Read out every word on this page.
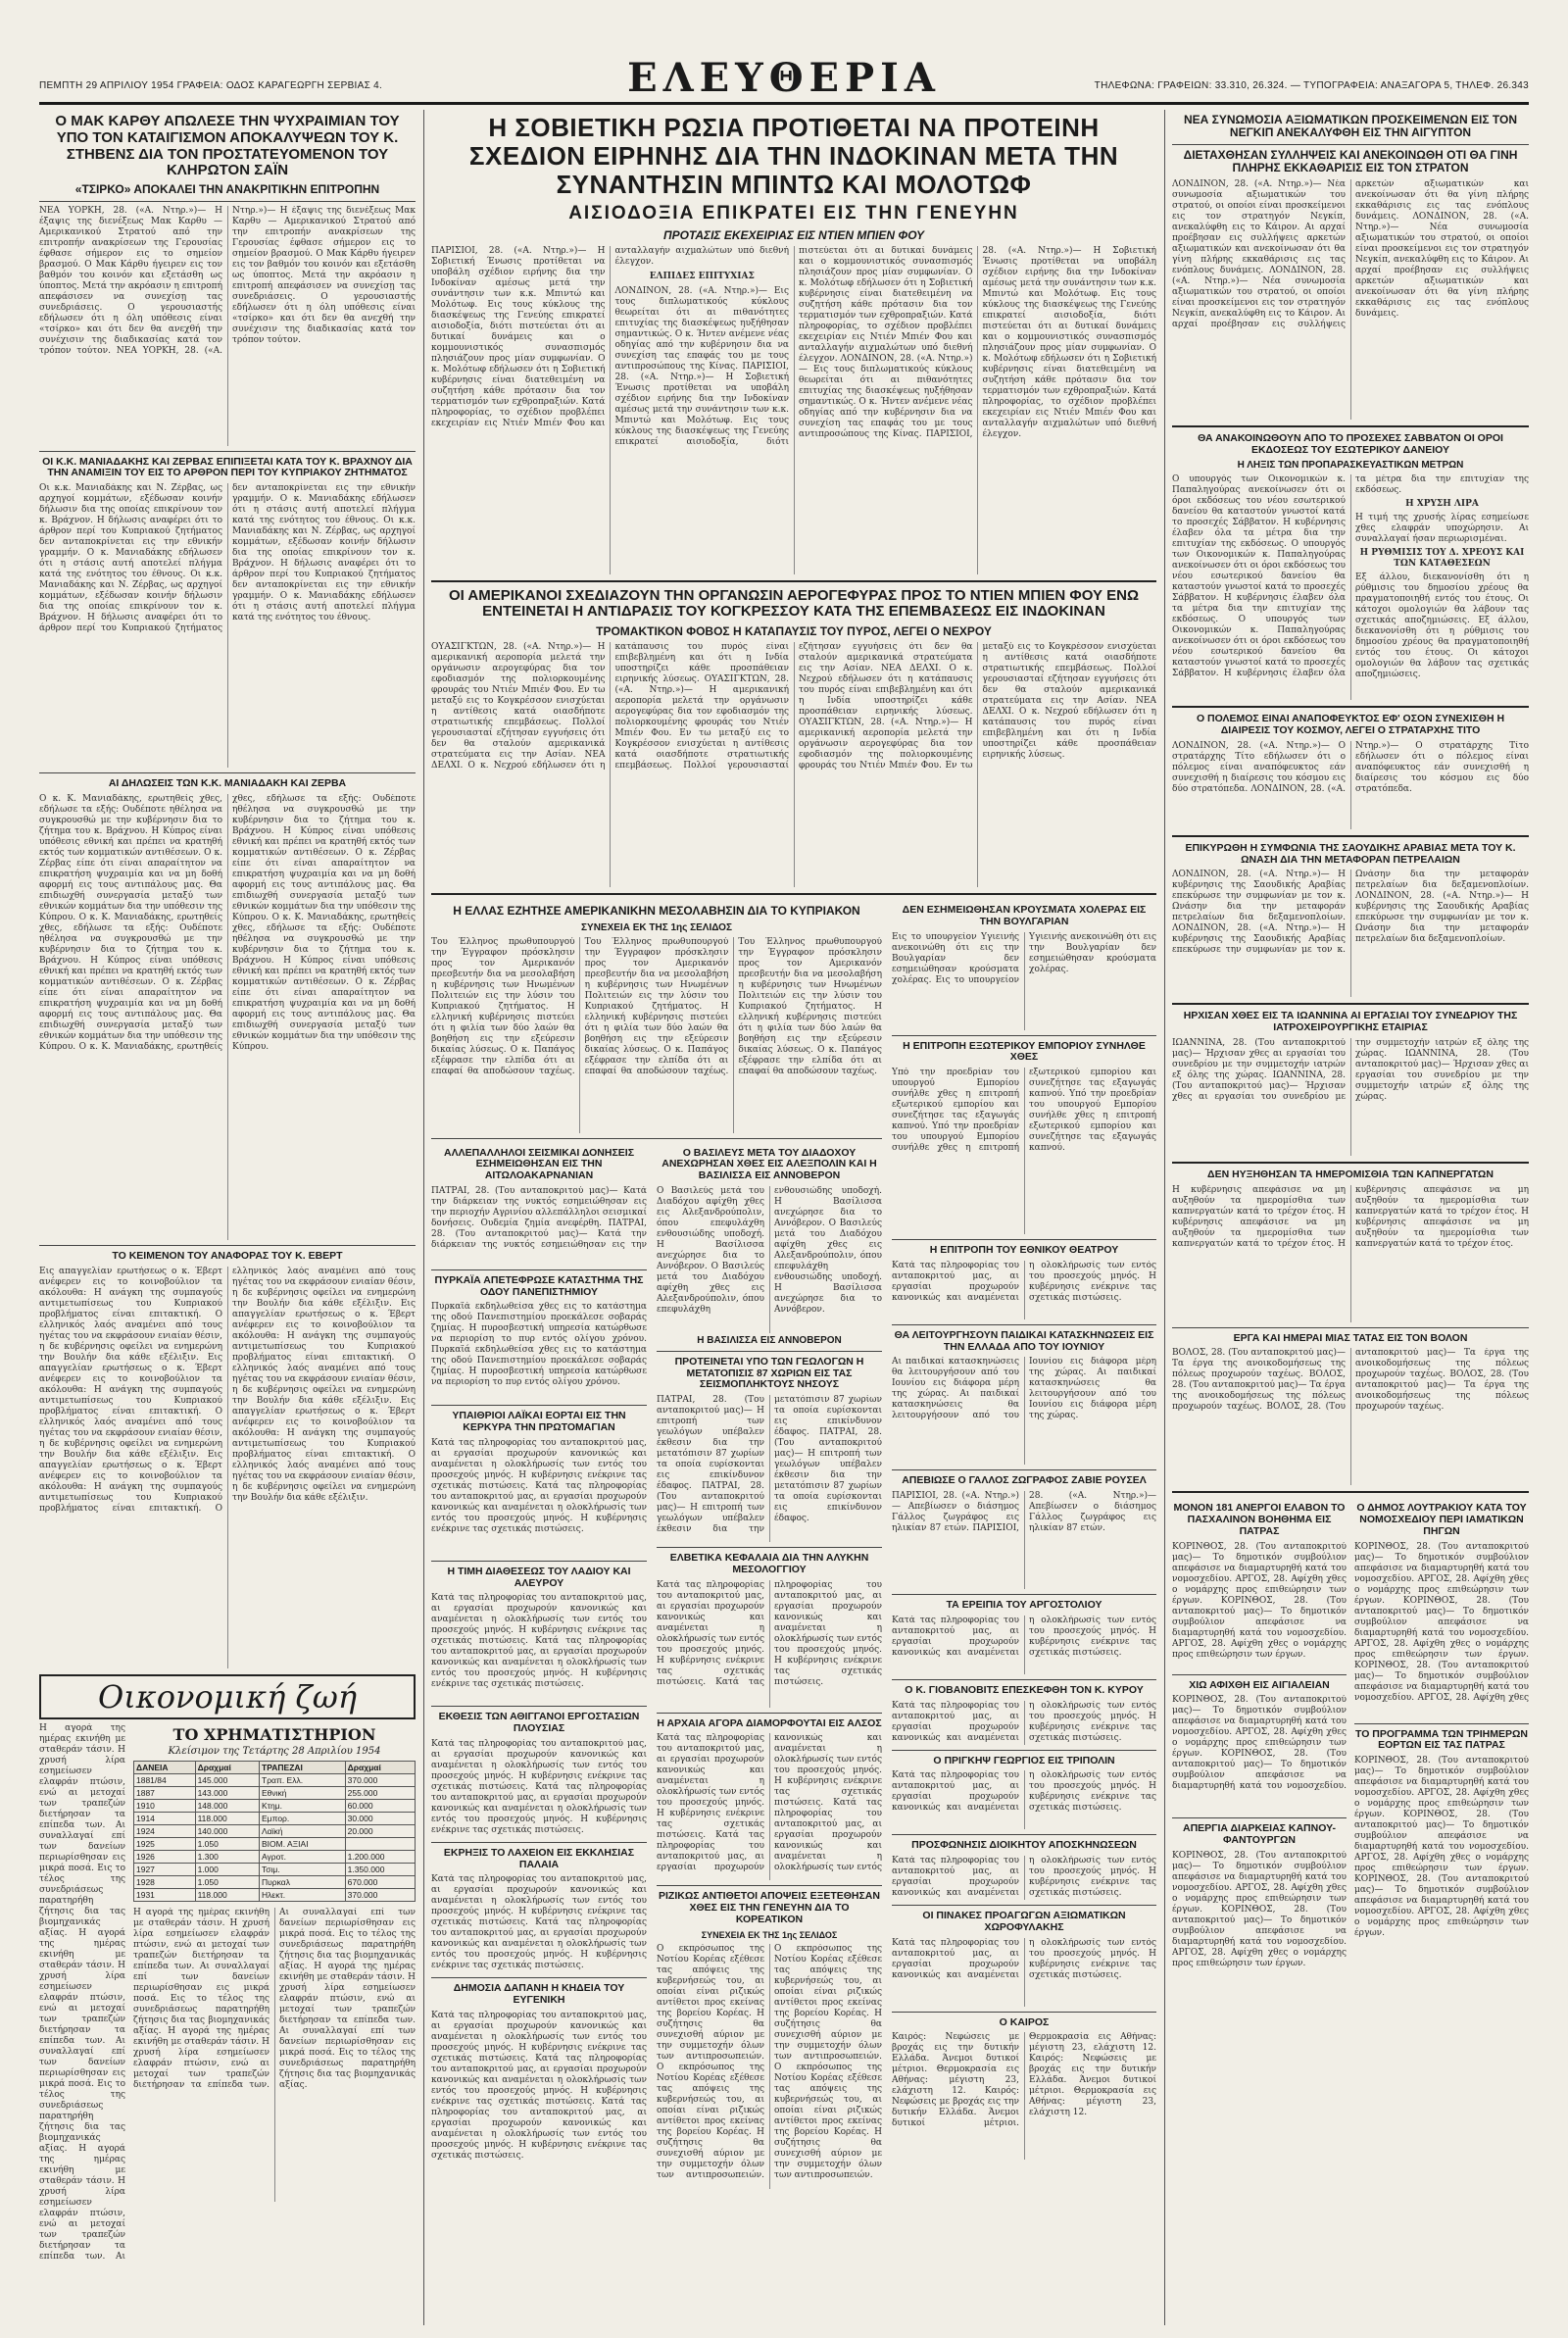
ΠΕΜΠΤΗ 29 ΑΠΡΙΛΙΟΥ 1954 ΓΡΑΦΕΙΑ: ΟΔΟΣ ΚΑΡΑΓΕΩΡΓΗ ΣΕΡΒΙΑΣ 4.	ΕΛΕΥΘΕΡΙΑ	ΤΗΛΕΦΩΝΑ: ΓΡΑΦΕΙΩΝ: 33.310, 26.324. — ΤΥΠΟΓΡΑΦΕΙΑ: ΑΝΑΞΑΓΟΡΑ 5, ΤΗΛΕΦ. 26.343
Ο ΜΑΚ ΚΑΡΘΥ ΑΠΩΛΕΣΕ ΤΗΝ ΨΥΧΡΑΙΜΙΑΝ ΤΟΥ ΥΠΟ ΤΟΝ ΚΑΤΑΙΓΙΣΜΟΝ ΑΠΟΚΑΛΥΨΕΩΝ ΤΟΥ Κ. ΣΤΗΒΕΝΣ ΔΙΑ ΤΟΝ ΠΡΟΣΤΑΤΕΥΟΜΕΝΟΝ ΤΟΥ ΚΛΗΡΩΤΟΝ ΣΑΪΝ
«ΤΣΙΡΚΟ» ΑΠΟΚΑΛΕΙ ΤΗΝ ΑΝΑΚΡΙΤΙΚΗΝ ΕΠΙΤΡΟΠΗΝ
ΝΕΑ ΥΟΡΚΗ, 28. («Α. Ντηρ.»)— Η έξαψις της διενέξεως Μακ Καρθυ — Αμερικανικού Στρατού από την επιτροπήν ανακρίσεων της Γερουσίας έφθασε σήμερον εις το σημείον βρασμού. Ο Μακ Κάρθυ ήγειρεν εις τον βαθμόν του κοινόν και εξετάσθη ως ύποπτος. Μετά την ακρόασιν η επιτροπή απεφάσισεν να συνεχίσῃ τας συνεδριάσεις. Ο γερουσιαστής εδήλωσεν ότι η όλη υπόθεσις είναι «τσίρκο» και ότι δεν θα ανεχθή την συνέχισιν της διαδικασίας κατά τον τρόπον τούτον. ΝΕΑ ΥΟΡΚΗ, 28. («Α. Ντηρ.»)— Η έξαψις της διενέξεως Μακ Καρθυ — Αμερικανικού Στρατού από την επιτροπήν ανακρίσεων της Γερουσίας έφθασε σήμερον εις το σημείον βρασμού. Ο Μακ Κάρθυ ήγειρεν εις τον βαθμόν του κοινόν και εξετάσθη ως ύποπτος. Μετά την ακρόασιν η επιτροπή απεφάσισεν να συνεχίσῃ τας συνεδριάσεις. Ο γερουσιαστής εδήλωσεν ότι η όλη υπόθεσις είναι «τσίρκο» και ότι δεν θα ανεχθή την συνέχισιν της διαδικασίας κατά τον τρόπον τούτον.
ΟΙ Κ.Κ. ΜΑΝΙΑΔΑΚΗΣ ΚΑΙ ΖΕΡΒΑΣ ΕΠΙΠΙΞΕΤΑΙ ΚΑΤΑ ΤΟΥ Κ. ΒΡΑΧΝΟΥ ΔΙΑ ΤΗΝ ΑΝΑΜΙΞΙΝ ΤΟΥ ΕΙΣ ΤΟ ΑΡΘΡΟΝ ΠΕΡΙ ΤΟΥ ΚΥΠΡΙΑΚΟΥ ΖΗΤΗΜΑΤΟΣ
Οι κ.κ. Μανιαδάκης και Ν. Ζέρβας, ως αρχηγοί κομμάτων, εξέδωσαν κοινήν δήλωσιν δια της οποίας επικρίνουν τον κ. Βράχνον. Η δήλωσις αναφέρει ότι το άρθρον περί του Κυπριακού ζητήματος δεν ανταποκρίνεται εις την εθνικήν γραμμήν. Ο κ. Μανιαδάκης εδήλωσεν ότι η στάσις αυτή αποτελεί πλήγμα κατά της ενότητος του έθνους. Οι κ.κ. Μανιαδάκης και Ν. Ζέρβας, ως αρχηγοί κομμάτων, εξέδωσαν κοινήν δήλωσιν δια της οποίας επικρίνουν τον κ. Βράχνον. Η δήλωσις αναφέρει ότι το άρθρον περί του Κυπριακού ζητήματος δεν ανταποκρίνεται εις την εθνικήν γραμμήν. Ο κ. Μανιαδάκης εδήλωσεν ότι η στάσις αυτή αποτελεί πλήγμα κατά της ενότητος του έθνους. Οι κ.κ. Μανιαδάκης και Ν. Ζέρβας, ως αρχηγοί κομμάτων, εξέδωσαν κοινήν δήλωσιν δια της οποίας επικρίνουν τον κ. Βράχνον. Η δήλωσις αναφέρει ότι το άρθρον περί του Κυπριακού ζητήματος δεν ανταποκρίνεται εις την εθνικήν γραμμήν. Ο κ. Μανιαδάκης εδήλωσεν ότι η στάσις αυτή αποτελεί πλήγμα κατά της ενότητος του έθνους.
ΑΙ ΔΗΛΩΣΕΙΣ ΤΩΝ Κ.Κ. ΜΑΝΙΑΔΑΚΗ ΚΑΙ ΖΕΡΒΑ
Ο κ. Κ. Μανιαδάκης, ερωτηθείς χθες, εδήλωσε τα εξής: Ουδέποτε ηθέλησα να συγκρουσθώ με την κυβέρνησιν δια το ζήτημα του κ. Βράχνου. Η Κύπρος είναι υπόθεσις εθνική και πρέπει να κρατηθή εκτός των κομματικών αντιθέσεων. Ο κ. Ζέρβας είπε ότι είναι απαραίτητον να επικρατήση ψυχραιμία και να μη δοθή αφορμή εις τους αντιπάλους μας. Θα επιδιωχθή συνεργασία μεταξύ των εθνικών κομμάτων δια την υπόθεσιν της Κύπρου. Ο κ. Κ. Μανιαδάκης, ερωτηθείς χθες, εδήλωσε τα εξής: Ουδέποτε ηθέλησα να συγκρουσθώ με την κυβέρνησιν δια το ζήτημα του κ. Βράχνου. Η Κύπρος είναι υπόθεσις εθνική και πρέπει να κρατηθή εκτός των κομματικών αντιθέσεων. Ο κ. Ζέρβας είπε ότι είναι απαραίτητον να επικρατήση ψυχραιμία και να μη δοθή αφορμή εις τους αντιπάλους μας. Θα επιδιωχθή συνεργασία μεταξύ των εθνικών κομμάτων δια την υπόθεσιν της Κύπρου. Ο κ. Κ. Μανιαδάκης, ερωτηθείς χθες, εδήλωσε τα εξής: Ουδέποτε ηθέλησα να συγκρουσθώ με την κυβέρνησιν δια το ζήτημα του κ. Βράχνου. Η Κύπρος είναι υπόθεσις εθνική και πρέπει να κρατηθή εκτός των κομματικών αντιθέσεων. Ο κ. Ζέρβας είπε ότι είναι απαραίτητον να επικρατήση ψυχραιμία και να μη δοθή αφορμή εις τους αντιπάλους μας. Θα επιδιωχθή συνεργασία μεταξύ των εθνικών κομμάτων δια την υπόθεσιν της Κύπρου. Ο κ. Κ. Μανιαδάκης, ερωτηθείς χθες, εδήλωσε τα εξής: Ουδέποτε ηθέλησα να συγκρουσθώ με την κυβέρνησιν δια το ζήτημα του κ. Βράχνου. Η Κύπρος είναι υπόθεσις εθνική και πρέπει να κρατηθή εκτός των κομματικών αντιθέσεων. Ο κ. Ζέρβας είπε ότι είναι απαραίτητον να επικρατήση ψυχραιμία και να μη δοθή αφορμή εις τους αντιπάλους μας. Θα επιδιωχθή συνεργασία μεταξύ των εθνικών κομμάτων δια την υπόθεσιν της Κύπρου.
ΤΟ ΚΕΙΜΕΝΟΝ ΤΟΥ ΑΝΑΦΟΡΑΣ ΤΟΥ Κ. ΕΒΕΡΤ
Εις απαγγελίαν ερωτήσεως ο κ. Έβερτ ανέφερεν εις το κοινοβούλιον τα ακόλουθα: Η ανάγκη της συμπαγούς αντιμετωπίσεως του Κυπριακού προβλήματος είναι επιτακτική. Ο ελληνικός λαός αναμένει από τους ηγέτας του να εκφράσουν ενιαίαν θέσιν, η δε κυβέρνησις οφείλει να ενημερώνη την Βουλήν δια κάθε εξέλιξιν. Εις απαγγελίαν ερωτήσεως ο κ. Έβερτ ανέφερεν εις το κοινοβούλιον τα ακόλουθα: Η ανάγκη της συμπαγούς αντιμετωπίσεως του Κυπριακού προβλήματος είναι επιτακτική. Ο ελληνικός λαός αναμένει από τους ηγέτας του να εκφράσουν ενιαίαν θέσιν, η δε κυβέρνησις οφείλει να ενημερώνη την Βουλήν δια κάθε εξέλιξιν. Εις απαγγελίαν ερωτήσεως ο κ. Έβερτ ανέφερεν εις το κοινοβούλιον τα ακόλουθα: Η ανάγκη της συμπαγούς αντιμετωπίσεως του Κυπριακού προβλήματος είναι επιτακτική. Ο ελληνικός λαός αναμένει από τους ηγέτας του να εκφράσουν ενιαίαν θέσιν, η δε κυβέρνησις οφείλει να ενημερώνη την Βουλήν δια κάθε εξέλιξιν. Εις απαγγελίαν ερωτήσεως ο κ. Έβερτ ανέφερεν εις το κοινοβούλιον τα ακόλουθα: Η ανάγκη της συμπαγούς αντιμετωπίσεως του Κυπριακού προβλήματος είναι επιτακτική. Ο ελληνικός λαός αναμένει από τους ηγέτας του να εκφράσουν ενιαίαν θέσιν, η δε κυβέρνησις οφείλει να ενημερώνη την Βουλήν δια κάθε εξέλιξιν. Εις απαγγελίαν ερωτήσεως ο κ. Έβερτ ανέφερεν εις το κοινοβούλιον τα ακόλουθα: Η ανάγκη της συμπαγούς αντιμετωπίσεως του Κυπριακού προβλήματος είναι επιτακτική. Ο ελληνικός λαός αναμένει από τους ηγέτας του να εκφράσουν ενιαίαν θέσιν, η δε κυβέρνησις οφείλει να ενημερώνη την Βουλήν δια κάθε εξέλιξιν.
Οικονομική ζωή
Η αγορά της ημέρας εκινήθη με σταθεράν τάσιν. Η χρυσή λίρα εσημείωσεν ελαφράν πτώσιν, ενώ αι μετοχαί των τραπεζών διετήρησαν τα επίπεδα των. Αι συναλλαγαί επί των δανείων περιωρίσθησαν εις μικρά ποσά. Εις το τέλος της συνεδριάσεως παρατηρήθη ζήτησις δια τας βιομηχανικάς αξίας. Η αγορά της ημέρας εκινήθη με σταθεράν τάσιν. Η χρυσή λίρα εσημείωσεν ελαφράν πτώσιν, ενώ αι μετοχαί των τραπεζών διετήρησαν τα επίπεδα των. Αι συναλλαγαί επί των δανείων περιωρίσθησαν εις μικρά ποσά. Εις το τέλος της συνεδριάσεως παρατηρήθη ζήτησις δια τας βιομηχανικάς αξίας. Η αγορά της ημέρας εκινήθη με σταθεράν τάσιν. Η χρυσή λίρα εσημείωσεν ελαφράν πτώσιν, ενώ αι μετοχαί των τραπεζών διετήρησαν τα επίπεδα των. Αι
ΤΟ ΧΡΗΜΑΤΙΣΤΗΡΙΟΝ
Κλείσιμον της Τετάρτης 28 Απριλίου 1954
ΔΑΝΕΙΑ	Δραχμαί	ΤΡΑΠΕΖΑΙ	Δραχμαί
1881/84	145.000	Τραπ. Ελλ.	370.000
1887	143.000	Εθνική	255.000
1910	148.000	Κτημ.	60.000
1914	118.000	Εμπορ.	30.000
1924	140.000	Λαϊκή	20.000
1925	1.050	ΒΙΟΜ. ΑΞΙΑΙ	
1926	1.300	Αγροτ.	1.200.000
1927	1.000	Τσιμ.	1.350.000
1928	1.050	Πυρκαλ	670.000
1931	118.000	Ηλεκτ.	370.000
Η αγορά της ημέρας εκινήθη με σταθεράν τάσιν. Η χρυσή λίρα εσημείωσεν ελαφράν πτώσιν, ενώ αι μετοχαί των τραπεζών διετήρησαν τα επίπεδα των. Αι συναλλαγαί επί των δανείων περιωρίσθησαν εις μικρά ποσά. Εις το τέλος της συνεδριάσεως παρατηρήθη ζήτησις δια τας βιομηχανικάς αξίας. Η αγορά της ημέρας εκινήθη με σταθεράν τάσιν. Η χρυσή λίρα εσημείωσεν ελαφράν πτώσιν, ενώ αι μετοχαί των τραπεζών διετήρησαν τα επίπεδα των. Αι συναλλαγαί επί των δανείων περιωρίσθησαν εις μικρά ποσά. Εις το τέλος της συνεδριάσεως παρατηρήθη ζήτησις δια τας βιομηχανικάς αξίας. Η αγορά της ημέρας εκινήθη με σταθεράν τάσιν. Η χρυσή λίρα εσημείωσεν ελαφράν πτώσιν, ενώ αι μετοχαί των τραπεζών διετήρησαν τα επίπεδα των. Αι συναλλαγαί επί των δανείων περιωρίσθησαν εις μικρά ποσά. Εις το τέλος της συνεδριάσεως παρατηρήθη ζήτησις δια τας βιομηχανικάς αξίας.
Η ΣΟΒΙΕΤΙΚΗ ΡΩΣΙΑ ΠΡΟΤΙΘΕΤΑΙ ΝΑ ΠΡΟΤΕΙΝΗ ΣΧΕΔΙΟΝ ΕΙΡΗΝΗΣ ΔΙΑ ΤΗΝ ΙΝΔΟΚΙΝΑΝ ΜΕΤΑ ΤΗΝ ΣΥΝΑΝΤΗΣΙΝ ΜΠΙΝΤΩ ΚΑΙ ΜΟΛΟΤΩΦ
ΑΙΣΙΟΔΟΞΙΑ ΕΠΙΚΡΑΤΕΙ ΕΙΣ ΤΗΝ ΓΕΝΕΥΗΝ
ΠΡΟΤΑΣΙΣ ΕΚΕΧΕΙΡΙΑΣ ΕΙΣ ΝΤΙΕΝ ΜΠΙΕΝ ΦΟΥ
ΠΑΡΙΣΙΟΙ, 28. («Α. Ντηρ.»)— Η Σοβιετική Ένωσις προτίθεται να υποβάλη σχέδιον ειρήνης δια την Ινδοκίναν αμέσως μετά την συνάντησιν των κ.κ. Μπιντώ και Μολότωφ. Εις τους κύκλους της διασκέψεως της Γενεύης επικρατεί αισιοδοξία, διότι πιστεύεται ότι αι δυτικαί δυνάμεις και ο κομμουνιστικός συνασπισμός πλησιάζουν προς μίαν συμφωνίαν. Ο κ. Μολότωφ εδήλωσεν ότι η Σοβιετική κυβέρνησις είναι διατεθειμένη να συζητήση κάθε πρότασιν δια τον τερματισμόν των εχθροπραξιών. Κατά πληροφορίας, το σχέδιον προβλέπει εκεχειρίαν εις Ντιέν Μπιέν Φου και ανταλλαγήν αιχμαλώτων υπό διεθνή έλεγχον.
ΕΛΠΙΔΕΣ ΕΠΙΤΥΧΙΑΣ
ΛΟΝΔΙΝΟΝ, 28. («Α. Ντηρ.»)— Εις τους διπλωματικούς κύκλους θεωρείται ότι αι πιθανότητες επιτυχίας της διασκέψεως ηυξήθησαν σημαντικώς. Ο κ. Ήντεν ανέμενε νέας οδηγίας από την κυβέρνησιν δια να συνεχίση τας επαφάς του με τους αντιπροσώπους της Κίνας. ΠΑΡΙΣΙΟΙ, 28. («Α. Ντηρ.»)— Η Σοβιετική Ένωσις προτίθεται να υποβάλη σχέδιον ειρήνης δια την Ινδοκίναν αμέσως μετά την συνάντησιν των κ.κ. Μπιντώ και Μολότωφ. Εις τους κύκλους της διασκέψεως της Γενεύης επικρατεί αισιοδοξία, διότι πιστεύεται ότι αι δυτικαί δυνάμεις και ο κομμουνιστικός συνασπισμός πλησιάζουν προς μίαν συμφωνίαν. Ο κ. Μολότωφ εδήλωσεν ότι η Σοβιετική κυβέρνησις είναι διατεθειμένη να συζητήση κάθε πρότασιν δια τον τερματισμόν των εχθροπραξιών. Κατά πληροφορίας, το σχέδιον προβλέπει εκεχειρίαν εις Ντιέν Μπιέν Φου και ανταλλαγήν αιχμαλώτων υπό διεθνή έλεγχον. ΛΟΝΔΙΝΟΝ, 28. («Α. Ντηρ.»)— Εις τους διπλωματικούς κύκλους θεωρείται ότι αι πιθανότητες επιτυχίας της διασκέψεως ηυξήθησαν σημαντικώς. Ο κ. Ήντεν ανέμενε νέας οδηγίας από την κυβέρνησιν δια να συνεχίση τας επαφάς του με τους αντιπροσώπους της Κίνας. ΠΑΡΙΣΙΟΙ, 28. («Α. Ντηρ.»)— Η Σοβιετική Ένωσις προτίθεται να υποβάλη σχέδιον ειρήνης δια την Ινδοκίναν αμέσως μετά την συνάντησιν των κ.κ. Μπιντώ και Μολότωφ. Εις τους κύκλους της διασκέψεως της Γενεύης επικρατεί αισιοδοξία, διότι πιστεύεται ότι αι δυτικαί δυνάμεις και ο κομμουνιστικός συνασπισμός πλησιάζουν προς μίαν συμφωνίαν. Ο κ. Μολότωφ εδήλωσεν ότι η Σοβιετική κυβέρνησις είναι διατεθειμένη να συζητήση κάθε πρότασιν δια τον τερματισμόν των εχθροπραξιών. Κατά πληροφορίας, το σχέδιον προβλέπει εκεχειρίαν εις Ντιέν Μπιέν Φου και ανταλλαγήν αιχμαλώτων υπό διεθνή έλεγχον.
ΟΙ ΑΜΕΡΙΚΑΝΟΙ ΣΧΕΔΙΑΖΟΥΝ ΤΗΝ ΟΡΓΑΝΩΣΙΝ ΑΕΡΟΓΕΦΥΡΑΣ ΠΡΟΣ ΤΟ ΝΤΙΕΝ ΜΠΙΕΝ ΦΟΥ ΕΝΩ ΕΝΤΕΙΝΕΤΑΙ Η ΑΝΤΙΔΡΑΣΙΣ ΤΟΥ ΚΟΓΚΡΕΣΣΟΥ ΚΑΤΑ ΤΗΣ ΕΠΕΜΒΑΣΕΩΣ ΕΙΣ ΙΝΔΟΚΙΝΑΝ
ΤΡΟΜΑΚΤΙΚΟΝ ΦΟΒΟΣ Η ΚΑΤΑΠΑΥΣΙΣ ΤΟΥ ΠΥΡΟΣ, ΛΕΓΕΙ Ο ΝΕΧΡΟΥ
ΟΥΑΣΙΓΚΤΩΝ, 28. («Α. Ντηρ.»)— Η αμερικανική αεροπορία μελετά την οργάνωσιν αερογεφύρας δια τον εφοδιασμόν της πολιορκουμένης φρουράς του Ντιέν Μπιέν Φου. Εν τω μεταξύ εις το Κογκρέσσον ενισχύεται η αντίθεσις κατά οιασδήποτε στρατιωτικής επεμβάσεως. Πολλοί γερουσιασταί εζήτησαν εγγυήσεις ότι δεν θα σταλούν αμερικανικά στρατεύματα εις την Ασίαν. ΝΕΑ ΔΕΛΧΙ. Ο κ. Νεχρού εδήλωσεν ότι η κατάπαυσις του πυρός είναι επιβεβλημένη και ότι η Ινδία υποστηρίζει κάθε προσπάθειαν ειρηνικής λύσεως. ΟΥΑΣΙΓΚΤΩΝ, 28. («Α. Ντηρ.»)— Η αμερικανική αεροπορία μελετά την οργάνωσιν αερογεφύρας δια τον εφοδιασμόν της πολιορκουμένης φρουράς του Ντιέν Μπιέν Φου. Εν τω μεταξύ εις το Κογκρέσσον ενισχύεται η αντίθεσις κατά οιασδήποτε στρατιωτικής επεμβάσεως. Πολλοί γερουσιασταί εζήτησαν εγγυήσεις ότι δεν θα σταλούν αμερικανικά στρατεύματα εις την Ασίαν. ΝΕΑ ΔΕΛΧΙ. Ο κ. Νεχρού εδήλωσεν ότι η κατάπαυσις του πυρός είναι επιβεβλημένη και ότι η Ινδία υποστηρίζει κάθε προσπάθειαν ειρηνικής λύσεως. ΟΥΑΣΙΓΚΤΩΝ, 28. («Α. Ντηρ.»)— Η αμερικανική αεροπορία μελετά την οργάνωσιν αερογεφύρας δια τον εφοδιασμόν της πολιορκουμένης φρουράς του Ντιέν Μπιέν Φου. Εν τω μεταξύ εις το Κογκρέσσον ενισχύεται η αντίθεσις κατά οιασδήποτε στρατιωτικής επεμβάσεως. Πολλοί γερουσιασταί εζήτησαν εγγυήσεις ότι δεν θα σταλούν αμερικανικά στρατεύματα εις την Ασίαν. ΝΕΑ ΔΕΛΧΙ. Ο κ. Νεχρού εδήλωσεν ότι η κατάπαυσις του πυρός είναι επιβεβλημένη και ότι η Ινδία υποστηρίζει κάθε προσπάθειαν ειρηνικής λύσεως.
Η ΕΛΛΑΣ ΕΖΗΤΗΣΕ ΑΜΕΡΙΚΑΝΙΚΗΝ ΜΕΣΟΛΑΒΗΣΙΝ ΔΙΑ ΤΟ ΚΥΠΡΙΑΚΟΝ
ΣΥΝΕΧΕΙΑ ΕΚ ΤΗΣ 1ης ΣΕΛΙΔΟΣ
Του Έλληνος πρωθυπουργού την Έγγραφον πρόσκλησιν προς τον Αμερικανόν πρεσβευτήν δια να μεσολαβήση η κυβέρνησις των Ηνωμένων Πολιτειών εις την λύσιν του Κυπριακού ζητήματος. Η ελληνική κυβέρνησις πιστεύει ότι η φιλία των δύο λαών θα βοηθήση εις την εξεύρεσιν δικαίας λύσεως. Ο κ. Παπάγος εξέφρασε την ελπίδα ότι αι επαφαί θα αποδώσουν ταχέως. Του Έλληνος πρωθυπουργού την Έγγραφον πρόσκλησιν προς τον Αμερικανόν πρεσβευτήν δια να μεσολαβήση η κυβέρνησις των Ηνωμένων Πολιτειών εις την λύσιν του Κυπριακού ζητήματος. Η ελληνική κυβέρνησις πιστεύει ότι η φιλία των δύο λαών θα βοηθήση εις την εξεύρεσιν δικαίας λύσεως. Ο κ. Παπάγος εξέφρασε την ελπίδα ότι αι επαφαί θα αποδώσουν ταχέως. Του Έλληνος πρωθυπουργού την Έγγραφον πρόσκλησιν προς τον Αμερικανόν πρεσβευτήν δια να μεσολαβήση η κυβέρνησις των Ηνωμένων Πολιτειών εις την λύσιν του Κυπριακού ζητήματος. Η ελληνική κυβέρνησις πιστεύει ότι η φιλία των δύο λαών θα βοηθήση εις την εξεύρεσιν δικαίας λύσεως. Ο κ. Παπάγος εξέφρασε την ελπίδα ότι αι επαφαί θα αποδώσουν ταχέως.
ΑΛΛΕΠΑΛΛΗΛΟΙ ΣΕΙΣΜΙΚΑΙ ΔΟΝΗΣΕΙΣ ΕΣΗΜΕΙΩΘΗΣΑΝ ΕΙΣ ΤΗΝ ΑΙΤΩΛΟΑΚΑΡΝΑΝΙΑΝ
ΠΑΤΡΑΙ, 28. (Του ανταποκριτού μας)— Κατά την διάρκειαν της νυκτός εσημειώθησαν εις την περιοχήν Αγρινίου αλλεπάλληλοι σεισμικαί δονήσεις. Ουδεμία ζημία ανεφέρθη. ΠΑΤΡΑΙ, 28. (Του ανταποκριτού μας)— Κατά την διάρκειαν της νυκτός εσημειώθησαν εις την
ΠΥΡΚΑΪΑ ΑΠΕΤΕΦΡΩΣΕ ΚΑΤΑΣΤΗΜΑ ΤΗΣ ΟΔΟΥ ΠΑΝΕΠΙΣΤΗΜΙΟΥ
Πυρκαϊά εκδηλωθείσα χθες εις το κατάστημα της οδού Πανεπιστημίου προεκάλεσε σοβαράς ζημίας. Η πυροσβεστική υπηρεσία κατώρθωσε να περιορίση το πυρ εντός ολίγου χρόνου. Πυρκαϊά εκδηλωθείσα χθες εις το κατάστημα της οδού Πανεπιστημίου προεκάλεσε σοβαράς ζημίας. Η πυροσβεστική υπηρεσία κατώρθωσε να περιορίση το πυρ εντός ολίγου χρόνου.
ΥΠΑΙΘΡΙΟΙ ΛΑΪΚΑΙ ΕΟΡΤΑΙ ΕΙΣ ΤΗΝ ΚΕΡΚΥΡΑ ΤΗΝ ΠΡΩΤΟΜΑΓΙΑΝ
Κατά τας πληροφορίας του ανταποκριτού μας, αι εργασίαι προχωρούν κανονικώς και αναμένεται η ολοκλήρωσίς των εντός του προσεχούς μηνός. Η κυβέρνησις ενέκρινε τας σχετικάς πιστώσεις. Κατά τας πληροφορίας του ανταποκριτού μας, αι εργασίαι προχωρούν κανονικώς και αναμένεται η ολοκλήρωσίς των εντός του προσεχούς μηνός. Η κυβέρνησις ενέκρινε τας σχετικάς πιστώσεις.
Η ΤΙΜΗ ΔΙΑΘΕΣΕΩΣ ΤΟΥ ΛΑΔΙΟΥ ΚΑΙ ΑΛΕΥΡΟΥ
Κατά τας πληροφορίας του ανταποκριτού μας, αι εργασίαι προχωρούν κανονικώς και αναμένεται η ολοκλήρωσίς των εντός του προσεχούς μηνός. Η κυβέρνησις ενέκρινε τας σχετικάς πιστώσεις. Κατά τας πληροφορίας του ανταποκριτού μας, αι εργασίαι προχωρούν κανονικώς και αναμένεται η ολοκλήρωσίς των εντός του προσεχούς μηνός. Η κυβέρνησις ενέκρινε τας σχετικάς πιστώσεις.
ΕΚΘΕΣΙΣ ΤΩΝ ΑΘΙΓΓΑΝΟΙ ΕΡΓΟΣΤΑΣΙΩΝ ΠΛΟΥΣΙΑΣ
Κατά τας πληροφορίας του ανταποκριτού μας, αι εργασίαι προχωρούν κανονικώς και αναμένεται η ολοκλήρωσίς των εντός του προσεχούς μηνός. Η κυβέρνησις ενέκρινε τας σχετικάς πιστώσεις. Κατά τας πληροφορίας του ανταποκριτού μας, αι εργασίαι προχωρούν κανονικώς και αναμένεται η ολοκλήρωσίς των εντός του προσεχούς μηνός. Η κυβέρνησις ενέκρινε τας σχετικάς πιστώσεις.
ΕΚΡΗΞΙΣ ΤΟ ΛΑΧΕΙΟΝ ΕΙΣ ΕΚΚΛΗΣΙΑΣ ΠΑΛΑΙΑ
Κατά τας πληροφορίας του ανταποκριτού μας, αι εργασίαι προχωρούν κανονικώς και αναμένεται η ολοκλήρωσίς των εντός του προσεχούς μηνός. Η κυβέρνησις ενέκρινε τας σχετικάς πιστώσεις. Κατά τας πληροφορίας του ανταποκριτού μας, αι εργασίαι προχωρούν κανονικώς και αναμένεται η ολοκλήρωσίς των εντός του προσεχούς μηνός. Η κυβέρνησις ενέκρινε τας σχετικάς πιστώσεις.
ΔΗΜΟΣΙΑ ΔΑΠΑΝΗ Η ΚΗΔΕΙΑ ΤΟΥ ΕΥΓΕΝΙΚΗ
Κατά τας πληροφορίας του ανταποκριτού μας, αι εργασίαι προχωρούν κανονικώς και αναμένεται η ολοκλήρωσίς των εντός του προσεχούς μηνός. Η κυβέρνησις ενέκρινε τας σχετικάς πιστώσεις. Κατά τας πληροφορίας του ανταποκριτού μας, αι εργασίαι προχωρούν κανονικώς και αναμένεται η ολοκλήρωσίς των εντός του προσεχούς μηνός. Η κυβέρνησις ενέκρινε τας σχετικάς πιστώσεις. Κατά τας πληροφορίας του ανταποκριτού μας, αι εργασίαι προχωρούν κανονικώς και αναμένεται η ολοκλήρωσίς των εντός του προσεχούς μηνός. Η κυβέρνησις ενέκρινε τας σχετικάς πιστώσεις.
Ο ΒΑΣΙΛΕΥΣ ΜΕΤΑ ΤΟΥ ΔΙΑΔΟΧΟΥ ΑΝΕΧΩΡΗΣΑΝ ΧΘΕΣ ΕΙΣ ΑΛΕΞΠΟΛΙΝ ΚΑΙ Η ΒΑΣΙΛΙΣΣΑ ΕΙΣ ΑΝΝΟΒΕΡΟΝ
Ο Βασιλεύς μετά του Διαδόχου αφίχθη χθες εις Αλεξανδρούπολιν, όπου επεφυλάχθη ενθουσιώδης υποδοχή. Η Βασίλισσα ανεχώρησε δια το Αννόβερον. Ο Βασιλεύς μετά του Διαδόχου αφίχθη χθες εις Αλεξανδρούπολιν, όπου επεφυλάχθη ενθουσιώδης υποδοχή. Η Βασίλισσα ανεχώρησε δια το Αννόβερον. Ο Βασιλεύς μετά του Διαδόχου αφίχθη χθες εις Αλεξανδρούπολιν, όπου επεφυλάχθη ενθουσιώδης υποδοχή. Η Βασίλισσα ανεχώρησε δια το Αννόβερον.
Η ΒΑΣΙΛΙΣΣΑ ΕΙΣ ΑΝΝΟΒΕΡΟΝ
ΠΡΟΤΕΙΝΕΤΑΙ ΥΠΟ ΤΩΝ ΓΕΩΛΟΓΩΝ Η ΜΕΤΑΤΟΠΙΣΙΣ 87 ΧΩΡΙΩΝ ΕΙΣ ΤΑΣ ΣΕΙΣΜΟΠΛΗΚΤΟΥΣ ΝΗΣΟΥΣ
ΠΑΤΡΑΙ, 28. (Του ανταποκριτού μας)— Η επιτροπή των γεωλόγων υπέβαλεν έκθεσιν δια την μετατόπισιν 87 χωρίων τα οποία ευρίσκονται εις επικίνδυνον έδαφος. ΠΑΤΡΑΙ, 28. (Του ανταποκριτού μας)— Η επιτροπή των γεωλόγων υπέβαλεν έκθεσιν δια την μετατόπισιν 87 χωρίων τα οποία ευρίσκονται εις επικίνδυνον έδαφος. ΠΑΤΡΑΙ, 28. (Του ανταποκριτού μας)— Η επιτροπή των γεωλόγων υπέβαλεν έκθεσιν δια την μετατόπισιν 87 χωρίων τα οποία ευρίσκονται εις επικίνδυνον έδαφος.
ΕΛΒΕΤΙΚΑ ΚΕΦΑΛΑΙΑ ΔΙΑ ΤΗΝ ΑΛΥΚΗΝ ΜΕΣΟΛΟΓΓΙΟΥ
Κατά τας πληροφορίας του ανταποκριτού μας, αι εργασίαι προχωρούν κανονικώς και αναμένεται η ολοκλήρωσίς των εντός του προσεχούς μηνός. Η κυβέρνησις ενέκρινε τας σχετικάς πιστώσεις. Κατά τας πληροφορίας του ανταποκριτού μας, αι εργασίαι προχωρούν κανονικώς και αναμένεται η ολοκλήρωσίς των εντός του προσεχούς μηνός. Η κυβέρνησις ενέκρινε τας σχετικάς πιστώσεις.
Η ΑΡΧΑΙΑ ΑΓΟΡΑ ΔΙΑΜΟΡΦΟΥΤΑΙ ΕΙΣ ΑΛΣΟΣ
Κατά τας πληροφορίας του ανταποκριτού μας, αι εργασίαι προχωρούν κανονικώς και αναμένεται η ολοκλήρωσίς των εντός του προσεχούς μηνός. Η κυβέρνησις ενέκρινε τας σχετικάς πιστώσεις. Κατά τας πληροφορίας του ανταποκριτού μας, αι εργασίαι προχωρούν κανονικώς και αναμένεται η ολοκλήρωσίς των εντός του προσεχούς μηνός. Η κυβέρνησις ενέκρινε τας σχετικάς πιστώσεις. Κατά τας πληροφορίας του ανταποκριτού μας, αι εργασίαι προχωρούν κανονικώς και αναμένεται η ολοκλήρωσίς των εντός
ΡΙΖΙΚΩΣ ΑΝΤΙΘΕΤΟΙ ΑΠΟΨΕΙΣ ΕΞΕΤΕΘΗΣΑΝ ΧΘΕΣ ΕΙΣ ΤΗΝ ΓΕΝΕΥΗΝ ΔΙΑ ΤΟ ΚΟΡΕΑΤΙΚΟΝ
ΣΥΝΕΧΕΙΑ ΕΚ ΤΗΣ 1ης ΣΕΛΙΔΟΣ
Ο εκπρόσωπος της Νοτίου Κορέας εξέθεσε τας απόψεις της κυβερνήσεώς του, αι οποίαι είναι ριζικώς αντίθετοι προς εκείνας της βορείου Κορέας. Η συζήτησις θα συνεχισθή αύριον με την συμμετοχήν όλων των αντιπροσωπειών. Ο εκπρόσωπος της Νοτίου Κορέας εξέθεσε τας απόψεις της κυβερνήσεώς του, αι οποίαι είναι ριζικώς αντίθετοι προς εκείνας της βορείου Κορέας. Η συζήτησις θα συνεχισθή αύριον με την συμμετοχήν όλων των αντιπροσωπειών. Ο εκπρόσωπος της Νοτίου Κορέας εξέθεσε τας απόψεις της κυβερνήσεώς του, αι οποίαι είναι ριζικώς αντίθετοι προς εκείνας της βορείου Κορέας. Η συζήτησις θα συνεχισθή αύριον με την συμμετοχήν όλων των αντιπροσωπειών. Ο εκπρόσωπος της Νοτίου Κορέας εξέθεσε τας απόψεις της κυβερνήσεώς του, αι οποίαι είναι ριζικώς αντίθετοι προς εκείνας της βορείου Κορέας. Η συζήτησις θα συνεχισθή αύριον με την συμμετοχήν όλων των αντιπροσωπειών.
ΔΕΝ ΕΣΗΜΕΙΩΘΗΣΑΝ ΚΡΟΥΣΜΑΤΑ ΧΟΛΕΡΑΣ ΕΙΣ ΤΗΝ ΒΟΥΛΓΑΡΙΑΝ
Εις το υπουργείον Υγιεινής ανεκοινώθη ότι εις την Βουλγαρίαν δεν εσημειώθησαν κρούσματα χολέρας. Εις το υπουργείον Υγιεινής ανεκοινώθη ότι εις την Βουλγαρίαν δεν εσημειώθησαν κρούσματα χολέρας.
Η ΕΠΙΤΡΟΠΗ ΕΞΩΤΕΡΙΚΟΥ ΕΜΠΟΡΙΟΥ ΣΥΝΗΛΘΕ ΧΘΕΣ
Υπό την προεδρίαν του υπουργού Εμπορίου συνήλθε χθες η επιτροπή εξωτερικού εμπορίου και συνεζήτησε τας εξαγωγάς καπνού. Υπό την προεδρίαν του υπουργού Εμπορίου συνήλθε χθες η επιτροπή εξωτερικού εμπορίου και συνεζήτησε τας εξαγωγάς καπνού. Υπό την προεδρίαν του υπουργού Εμπορίου συνήλθε χθες η επιτροπή εξωτερικού εμπορίου και συνεζήτησε τας εξαγωγάς καπνού.
Η ΕΠΙΤΡΟΠΗ ΤΟΥ ΕΘΝΙΚΟΥ ΘΕΑΤΡΟΥ
Κατά τας πληροφορίας του ανταποκριτού μας, αι εργασίαι προχωρούν κανονικώς και αναμένεται η ολοκλήρωσίς των εντός του προσεχούς μηνός. Η κυβέρνησις ενέκρινε τας σχετικάς πιστώσεις.
ΘΑ ΛΕΙΤΟΥΡΓΗΣΟΥΝ ΠΑΙΔΙΚΑΙ ΚΑΤΑΣΚΗΝΩΣΕΙΣ ΕΙΣ ΤΗΝ ΕΛΛΑΔΑ ΑΠΟ ΤΟΥ ΙΟΥΝΙΟΥ
Αι παιδικαί κατασκηνώσεις θα λειτουργήσουν από του Ιουνίου εις διάφορα μέρη της χώρας. Αι παιδικαί κατασκηνώσεις θα λειτουργήσουν από του Ιουνίου εις διάφορα μέρη της χώρας. Αι παιδικαί κατασκηνώσεις θα λειτουργήσουν από του Ιουνίου εις διάφορα μέρη της χώρας.
ΑΠΕΒΙΩΣΕ Ο ΓΑΛΛΟΣ ΖΩΓΡΑΦΟΣ ΖΑΒΙΕ ΡΟΥΣΕΛ
ΠΑΡΙΣΙΟΙ, 28. («Α. Ντηρ.»)— Απεβίωσεν ο διάσημος Γάλλος ζωγράφος εις ηλικίαν 87 ετών. ΠΑΡΙΣΙΟΙ, 28. («Α. Ντηρ.»)— Απεβίωσεν ο διάσημος Γάλλος ζωγράφος εις ηλικίαν 87 ετών.
ΤΑ ΕΡΕΙΠΙΑ ΤΟΥ ΑΡΓΟΣΤΟΛΙΟΥ
Κατά τας πληροφορίας του ανταποκριτού μας, αι εργασίαι προχωρούν κανονικώς και αναμένεται η ολοκλήρωσίς των εντός του προσεχούς μηνός. Η κυβέρνησις ενέκρινε τας σχετικάς πιστώσεις.
Ο Κ. ΓΙΟΒΑΝΟΒΙΤΣ ΕΠΕΣΚΕΦΘΗ ΤΟΝ Κ. ΚΥΡΟΥ
Κατά τας πληροφορίας του ανταποκριτού μας, αι εργασίαι προχωρούν κανονικώς και αναμένεται η ολοκλήρωσίς των εντός του προσεχούς μηνός. Η κυβέρνησις ενέκρινε τας σχετικάς πιστώσεις.
Ο ΠΡΙΓΚΗΨ ΓΕΩΡΓΙΟΣ ΕΙΣ ΤΡΙΠΟΛΙΝ
Κατά τας πληροφορίας του ανταποκριτού μας, αι εργασίαι προχωρούν κανονικώς και αναμένεται η ολοκλήρωσίς των εντός του προσεχούς μηνός. Η κυβέρνησις ενέκρινε τας σχετικάς πιστώσεις.
ΠΡΟΣΦΩΝΗΣΙΣ ΔΙΟΙΚΗΤΟΥ ΑΠΟΣΚΗΝΩΣΕΩΝ
Κατά τας πληροφορίας του ανταποκριτού μας, αι εργασίαι προχωρούν κανονικώς και αναμένεται η ολοκλήρωσίς των εντός του προσεχούς μηνός. Η κυβέρνησις ενέκρινε τας σχετικάς πιστώσεις.
ΟΙ ΠΙΝΑΚΕΣ ΠΡΟΑΓΩΓΩΝ ΑΞΙΩΜΑΤΙΚΩΝ ΧΩΡΟΦΥΛΑΚΗΣ
Κατά τας πληροφορίας του ανταποκριτού μας, αι εργασίαι προχωρούν κανονικώς και αναμένεται η ολοκλήρωσίς των εντός του προσεχούς μηνός. Η κυβέρνησις ενέκρινε τας σχετικάς πιστώσεις.
Ο ΚΑΙΡΟΣ
Καιρός: Νεφώσεις με βροχάς εις την δυτικήν Ελλάδα. Άνεμοι δυτικοί μέτριοι. Θερμοκρασία εις Αθήνας: μέγιστη 23, ελάχιστη 12. Καιρός: Νεφώσεις με βροχάς εις την δυτικήν Ελλάδα. Άνεμοι δυτικοί μέτριοι. Θερμοκρασία εις Αθήνας: μέγιστη 23, ελάχιστη 12. Καιρός: Νεφώσεις με βροχάς εις την δυτικήν Ελλάδα. Άνεμοι δυτικοί μέτριοι. Θερμοκρασία εις Αθήνας: μέγιστη 23, ελάχιστη 12.
ΝΕΑ ΣΥΝΩΜΟΣΙΑ ΑΞΙΩΜΑΤΙΚΩΝ ΠΡΟΣΚΕΙΜΕΝΩΝ ΕΙΣ ΤΟΝ ΝΕΓΚΙΠ ΑΝΕΚΑΛΥΦΘΗ ΕΙΣ ΤΗΝ ΑΙΓΥΠΤΟΝ
ΔΙΕΤΑΧΘΗΣΑΝ ΣΥΛΛΗΨΕΙΣ ΚΑΙ ΑΝΕΚΟΙΝΩΘΗ ΟΤΙ ΘΑ ΓΙΝΗ ΠΛΗΡΗΣ ΕΚΚΑΘΑΡΙΣΙΣ ΕΙΣ ΤΟΝ ΣΤΡΑΤΟΝ
ΛΟΝΔΙΝΟΝ, 28. («Α. Ντηρ.»)— Νέα συνωμοσία αξιωματικών του στρατού, οι οποίοι είναι προσκείμενοι εις τον στρατηγόν Νεγκίπ, ανεκαλύφθη εις το Κάιρον. Αι αρχαί προέβησαν εις συλλήψεις αρκετών αξιωματικών και ανεκοίνωσαν ότι θα γίνη πλήρης εκκαθάρισις εις τας ενόπλους δυνάμεις. ΛΟΝΔΙΝΟΝ, 28. («Α. Ντηρ.»)— Νέα συνωμοσία αξιωματικών του στρατού, οι οποίοι είναι προσκείμενοι εις τον στρατηγόν Νεγκίπ, ανεκαλύφθη εις το Κάιρον. Αι αρχαί προέβησαν εις συλλήψεις αρκετών αξιωματικών και ανεκοίνωσαν ότι θα γίνη πλήρης εκκαθάρισις εις τας ενόπλους δυνάμεις. ΛΟΝΔΙΝΟΝ, 28. («Α. Ντηρ.»)— Νέα συνωμοσία αξιωματικών του στρατού, οι οποίοι είναι προσκείμενοι εις τον στρατηγόν Νεγκίπ, ανεκαλύφθη εις το Κάιρον. Αι αρχαί προέβησαν εις συλλήψεις αρκετών αξιωματικών και ανεκοίνωσαν ότι θα γίνη πλήρης εκκαθάρισις εις τας ενόπλους δυνάμεις.
ΘΑ ΑΝΑΚΟΙΝΩΘΟΥΝ ΑΠΟ ΤΟ ΠΡΟΣΕΧΕΣ ΣΑΒΒΑΤΟΝ ΟΙ ΟΡΟΙ ΕΚΔΟΣΕΩΣ ΤΟΥ ΕΣΩΤΕΡΙΚΟΥ ΔΑΝΕΙΟΥ
Η ΛΗΞΙΣ ΤΩΝ ΠΡΟΠΑΡΑΣΚΕΥΑΣΤΙΚΩΝ ΜΕΤΡΩΝ
Ο υπουργός των Οικονομικών κ. Παπαληγούρας ανεκοίνωσεν ότι οι όροι εκδόσεως του νέου εσωτερικού δανείου θα καταστούν γνωστοί κατά το προσεχές Σάββατον. Η κυβέρνησις έλαβεν όλα τα μέτρα δια την επιτυχίαν της εκδόσεως. Ο υπουργός των Οικονομικών κ. Παπαληγούρας ανεκοίνωσεν ότι οι όροι εκδόσεως του νέου εσωτερικού δανείου θα καταστούν γνωστοί κατά το προσεχές Σάββατον. Η κυβέρνησις έλαβεν όλα τα μέτρα δια την επιτυχίαν της εκδόσεως. Ο υπουργός των Οικονομικών κ. Παπαληγούρας ανεκοίνωσεν ότι οι όροι εκδόσεως του νέου εσωτερικού δανείου θα καταστούν γνωστοί κατά το προσεχές Σάββατον. Η κυβέρνησις έλαβεν όλα τα μέτρα δια την επιτυχίαν της εκδόσεως.
Η ΧΡΥΣΗ ΛΙΡΑ
Η τιμή της χρυσής λίρας εσημείωσε χθες ελαφράν υποχώρησιν. Αι συναλλαγαί ήσαν περιωρισμέναι.
Η ΡΥΘΜΙΣΙΣ ΤΟΥ Δ. ΧΡΕΟΥΣ ΚΑΙ ΤΩΝ ΚΑΤΑΘΕΣΕΩΝ
Εξ άλλου, διεκανονίσθη ότι η ρύθμισις του δημοσίου χρέους θα πραγματοποιηθή εντός του έτους. Οι κάτοχοι ομολογιών θα λάβουν τας σχετικάς αποζημιώσεις. Εξ άλλου, διεκανονίσθη ότι η ρύθμισις του δημοσίου χρέους θα πραγματοποιηθή εντός του έτους. Οι κάτοχοι ομολογιών θα λάβουν τας σχετικάς αποζημιώσεις.
Ο ΠΟΛΕΜΟΣ ΕΙΝΑΙ ΑΝΑΠΟΦΕΥΚΤΟΣ ΕΦ' ΟΣΟΝ ΣΥΝΕΧΙΣΘΗ Η ΔΙΑΙΡΕΣΙΣ ΤΟΥ ΚΟΣΜΟΥ, ΛΕΓΕΙ Ο ΣΤΡΑΤΑΡΧΗΣ ΤΙΤΟ
ΛΟΝΔΙΝΟΝ, 28. («Α. Ντηρ.»)— Ο στρατάρχης Τίτο εδήλωσεν ότι ο πόλεμος είναι αναπόφευκτος εάν συνεχισθή η διαίρεσις του κόσμου εις δύο στρατόπεδα. ΛΟΝΔΙΝΟΝ, 28. («Α. Ντηρ.»)— Ο στρατάρχης Τίτο εδήλωσεν ότι ο πόλεμος είναι αναπόφευκτος εάν συνεχισθή η διαίρεσις του κόσμου εις δύο στρατόπεδα.
ΕΠΙΚΥΡΩΘΗ Η ΣΥΜΦΩΝΙΑ ΤΗΣ ΣΑΟΥΔΙΚΗΣ ΑΡΑΒΙΑΣ ΜΕΤΑ ΤΟΥ Κ. ΩΝΑΣΗ ΔΙΑ ΤΗΝ ΜΕΤΑΦΟΡΑΝ ΠΕΤΡΕΛΑΙΩΝ
ΛΟΝΔΙΝΟΝ, 28. («Α. Ντηρ.»)— Η κυβέρνησις της Σαουδικής Αραβίας επεκύρωσε την συμφωνίαν με τον κ. Ωνάσην δια την μεταφοράν πετρελαίων δια δεξαμενοπλοίων. ΛΟΝΔΙΝΟΝ, 28. («Α. Ντηρ.»)— Η κυβέρνησις της Σαουδικής Αραβίας επεκύρωσε την συμφωνίαν με τον κ. Ωνάσην δια την μεταφοράν πετρελαίων δια δεξαμενοπλοίων. ΛΟΝΔΙΝΟΝ, 28. («Α. Ντηρ.»)— Η κυβέρνησις της Σαουδικής Αραβίας επεκύρωσε την συμφωνίαν με τον κ. Ωνάσην δια την μεταφοράν πετρελαίων δια δεξαμενοπλοίων.
ΗΡΧΙΣΑΝ ΧΘΕΣ ΕΙΣ ΤΑ ΙΩΑΝΝΙΝΑ ΑΙ ΕΡΓΑΣΙΑΙ ΤΟΥ ΣΥΝΕΔΡΙΟΥ ΤΗΣ ΙΑΤΡΟΧΕΙΡΟΥΡΓΙΚΗΣ ΕΤΑΙΡΙΑΣ
ΙΩΑΝΝΙΝΑ, 28. (Του ανταποκριτού μας)— Ήρχισαν χθες αι εργασίαι του συνεδρίου με την συμμετοχήν ιατρών εξ όλης της χώρας. ΙΩΑΝΝΙΝΑ, 28. (Του ανταποκριτού μας)— Ήρχισαν χθες αι εργασίαι του συνεδρίου με την συμμετοχήν ιατρών εξ όλης της χώρας. ΙΩΑΝΝΙΝΑ, 28. (Του ανταποκριτού μας)— Ήρχισαν χθες αι εργασίαι του συνεδρίου με την συμμετοχήν ιατρών εξ όλης της χώρας.
ΔΕΝ ΗΥΞΗΘΗΣΑΝ ΤΑ ΗΜΕΡΟΜΙΣΘΙΑ ΤΩΝ ΚΑΠΝΕΡΓΑΤΩΝ
Η κυβέρνησις απεφάσισε να μη αυξηθούν τα ημερομίσθια των καπνεργατών κατά το τρέχον έτος. Η κυβέρνησις απεφάσισε να μη αυξηθούν τα ημερομίσθια των καπνεργατών κατά το τρέχον έτος. Η κυβέρνησις απεφάσισε να μη αυξηθούν τα ημερομίσθια των καπνεργατών κατά το τρέχον έτος. Η κυβέρνησις απεφάσισε να μη αυξηθούν τα ημερομίσθια των καπνεργατών κατά το τρέχον έτος.
ΕΡΓΑ ΚΑΙ ΗΜΕΡΑΙ ΜΙΑΣ ΤΑΤΑΣ ΕΙΣ ΤΟΝ ΒΟΛΟΝ
ΒΟΛΟΣ, 28. (Του ανταποκριτού μας)— Τα έργα της ανοικοδομήσεως της πόλεως προχωρούν ταχέως. ΒΟΛΟΣ, 28. (Του ανταποκριτού μας)— Τα έργα της ανοικοδομήσεως της πόλεως προχωρούν ταχέως. ΒΟΛΟΣ, 28. (Του ανταποκριτού μας)— Τα έργα της ανοικοδομήσεως της πόλεως προχωρούν ταχέως. ΒΟΛΟΣ, 28. (Του ανταποκριτού μας)— Τα έργα της ανοικοδομήσεως της πόλεως προχωρούν ταχέως.
ΜΟΝΟΝ 181 ΑΝΕΡΓΟΙ ΕΛΑΒΟΝ ΤΟ ΠΑΣΧΑΛΙΝΟΝ ΒΟΗΘΗΜΑ ΕΙΣ ΠΑΤΡΑΣ
ΚΟΡΙΝΘΟΣ, 28. (Του ανταποκριτού μας)— Το δημοτικόν συμβούλιον απεφάσισε να διαμαρτυρηθή κατά του νομοσχεδίου. ΑΡΓΟΣ, 28. Αφίχθη χθες ο νομάρχης προς επιθεώρησιν των έργων. ΚΟΡΙΝΘΟΣ, 28. (Του ανταποκριτού μας)— Το δημοτικόν συμβούλιον απεφάσισε να διαμαρτυρηθή κατά του νομοσχεδίου. ΑΡΓΟΣ, 28. Αφίχθη χθες ο νομάρχης προς επιθεώρησιν των έργων.
ΧΙΩ ΑΦΙΧΘΗ ΕΙΣ ΑΙΓΙΑΛΕΙΑΝ
ΚΟΡΙΝΘΟΣ, 28. (Του ανταποκριτού μας)— Το δημοτικόν συμβούλιον απεφάσισε να διαμαρτυρηθή κατά του νομοσχεδίου. ΑΡΓΟΣ, 28. Αφίχθη χθες ο νομάρχης προς επιθεώρησιν των έργων. ΚΟΡΙΝΘΟΣ, 28. (Του ανταποκριτού μας)— Το δημοτικόν συμβούλιον απεφάσισε να διαμαρτυρηθή κατά του νομοσχεδίου.
ΑΠΕΡΓΙΑ ΔΙΑΡΚΕΙΑΣ ΚΑΠΝΟΥ-ΦΑΝΤΟΥΡΓΩΝ
ΚΟΡΙΝΘΟΣ, 28. (Του ανταποκριτού μας)— Το δημοτικόν συμβούλιον απεφάσισε να διαμαρτυρηθή κατά του νομοσχεδίου. ΑΡΓΟΣ, 28. Αφίχθη χθες ο νομάρχης προς επιθεώρησιν των έργων. ΚΟΡΙΝΘΟΣ, 28. (Του ανταποκριτού μας)— Το δημοτικόν συμβούλιον απεφάσισε να διαμαρτυρηθή κατά του νομοσχεδίου. ΑΡΓΟΣ, 28. Αφίχθη χθες ο νομάρχης προς επιθεώρησιν των έργων.
Ο ΔΗΜΟΣ ΛΟΥΤΡΑΚΙΟΥ ΚΑΤΑ ΤΟΥ ΝΟΜΟΣΧΕΔΙΟΥ ΠΕΡΙ ΙΑΜΑΤΙΚΩΝ ΠΗΓΩΝ
ΚΟΡΙΝΘΟΣ, 28. (Του ανταποκριτού μας)— Το δημοτικόν συμβούλιον απεφάσισε να διαμαρτυρηθή κατά του νομοσχεδίου. ΑΡΓΟΣ, 28. Αφίχθη χθες ο νομάρχης προς επιθεώρησιν των έργων. ΚΟΡΙΝΘΟΣ, 28. (Του ανταποκριτού μας)— Το δημοτικόν συμβούλιον απεφάσισε να διαμαρτυρηθή κατά του νομοσχεδίου. ΑΡΓΟΣ, 28. Αφίχθη χθες ο νομάρχης προς επιθεώρησιν των έργων. ΚΟΡΙΝΘΟΣ, 28. (Του ανταποκριτού μας)— Το δημοτικόν συμβούλιον απεφάσισε να διαμαρτυρηθή κατά του νομοσχεδίου. ΑΡΓΟΣ, 28. Αφίχθη χθες
ΤΟ ΠΡΟΓΡΑΜΜΑ ΤΩΝ ΤΡΙΗΜΕΡΩΝ ΕΟΡΤΩΝ ΕΙΣ ΤΑΣ ΠΑΤΡΑΣ
ΚΟΡΙΝΘΟΣ, 28. (Του ανταποκριτού μας)— Το δημοτικόν συμβούλιον απεφάσισε να διαμαρτυρηθή κατά του νομοσχεδίου. ΑΡΓΟΣ, 28. Αφίχθη χθες ο νομάρχης προς επιθεώρησιν των έργων. ΚΟΡΙΝΘΟΣ, 28. (Του ανταποκριτού μας)— Το δημοτικόν συμβούλιον απεφάσισε να διαμαρτυρηθή κατά του νομοσχεδίου. ΑΡΓΟΣ, 28. Αφίχθη χθες ο νομάρχης προς επιθεώρησιν των έργων. ΚΟΡΙΝΘΟΣ, 28. (Του ανταποκριτού μας)— Το δημοτικόν συμβούλιον απεφάσισε να διαμαρτυρηθή κατά του νομοσχεδίου. ΑΡΓΟΣ, 28. Αφίχθη χθες ο νομάρχης προς επιθεώρησιν των έργων.
